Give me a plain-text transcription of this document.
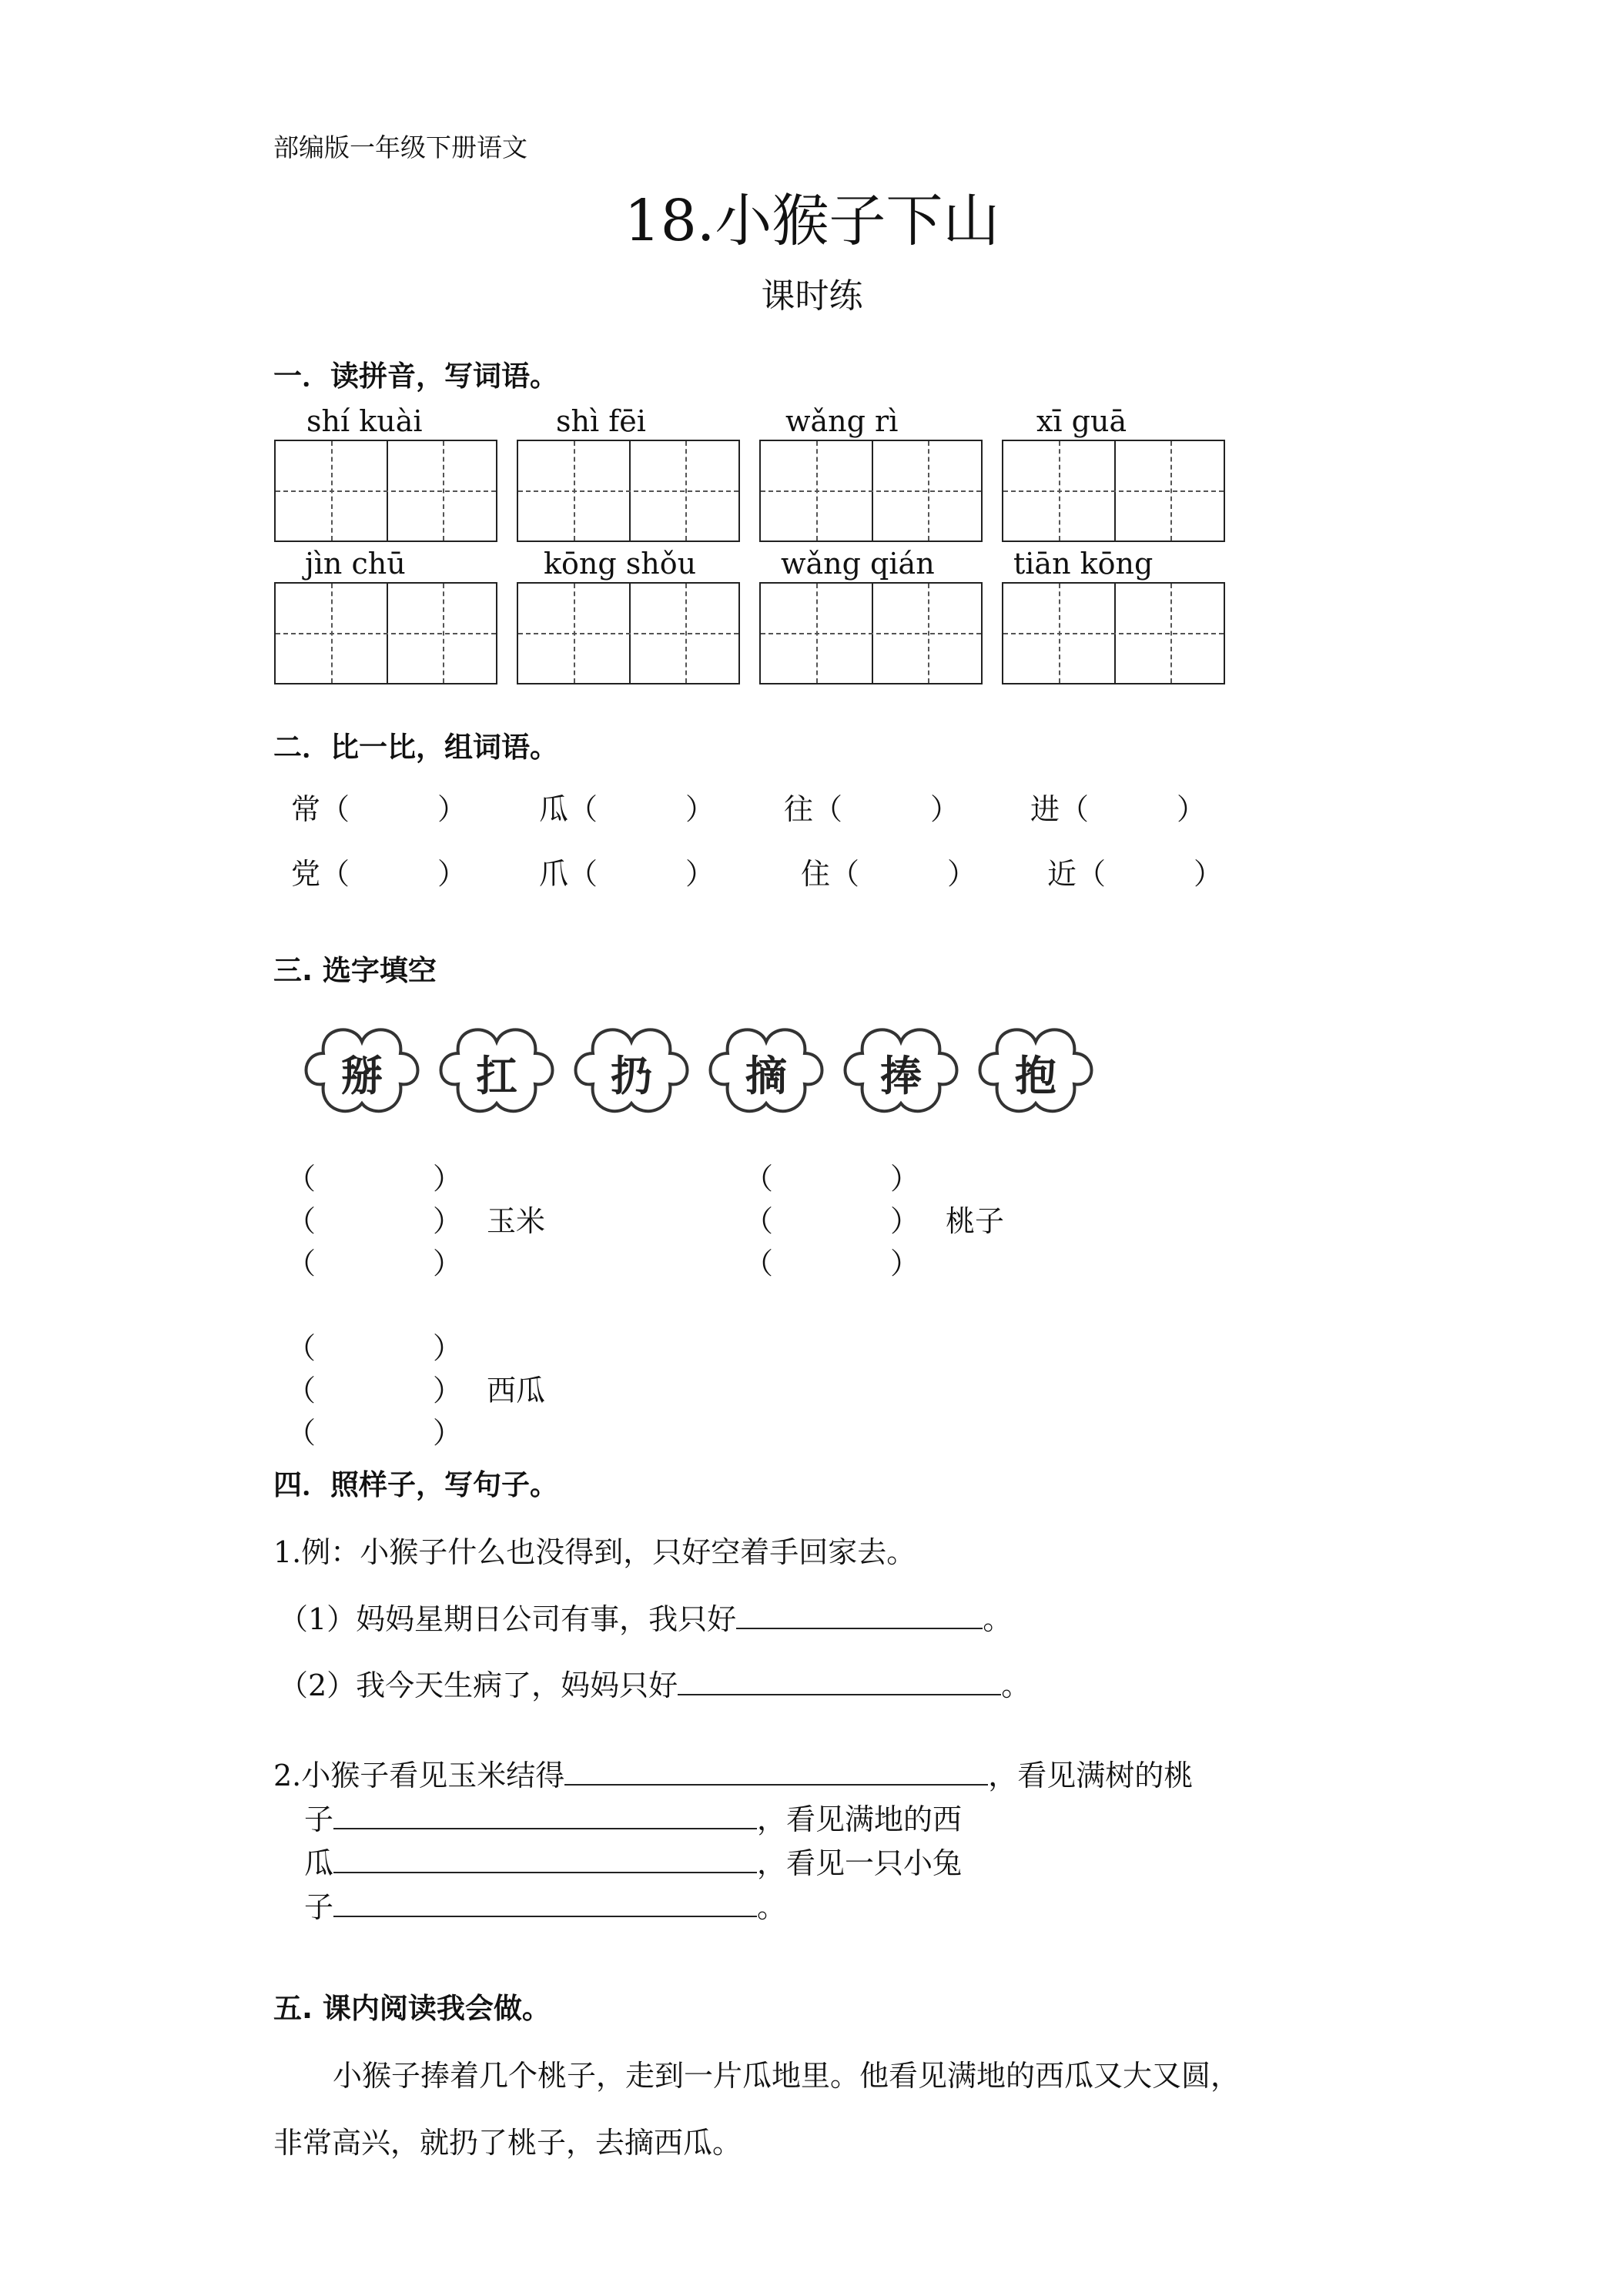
部编版一年级下册语文
18.小猴子下山
课时练
一．读拼音，写词语。
shí kuài	shì fēi	wǎng rì	xī guā
jìn chū	kōng shǒu	wǎng qián	tiān kōng
二．比一比，组词语。
常（　　　） 瓜（　　　） 往（　　　） 进（　　　）
党（　　　） 爪（　　　）	住（　　　） 近（　　　）
三. 选字填空
掰	扛	扔	摘	捧	抱
（　　　　）
（　　　　） 玉米
（　　　　）
（　　　　）
（　　　　） 桃子
（　　　　）
（　　　　）
（　　　　） 西瓜
（　　　　）
四．照样子，写句子。
1.例：小猴子什么也没得到，只好空着手回家去。
（1）妈妈星期日公司有事，我只好	。
（2）我今天生病了，妈妈只好	。
2.小猴子看见玉米结得	，看见满树的桃
子	，看见满地的西
瓜	，看见一只小兔
子	。
五. 课内阅读我会做。
小猴子捧着几个桃子，走到一片瓜地里。他看见满地的西瓜又大又圆，
非常高兴，就扔了桃子，去摘西瓜。
